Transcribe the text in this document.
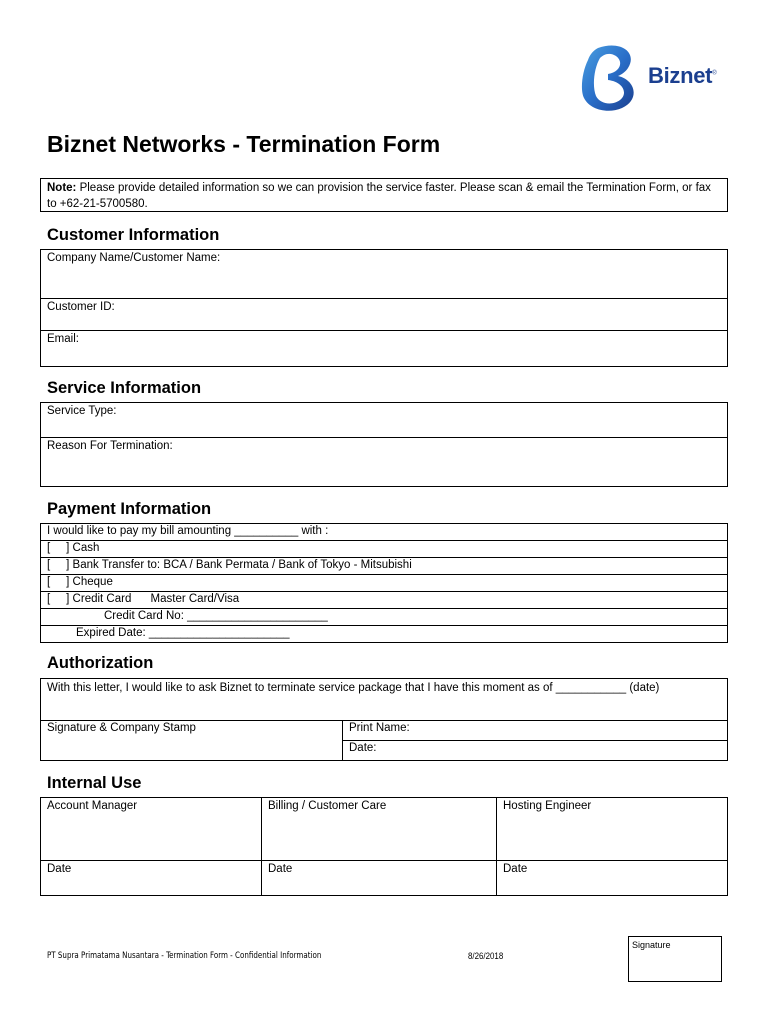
Biznet®
Biznet Networks - Termination Form
Note: Please provide detailed information so we can provision the service faster. Please scan & email the Termination Form, or fax to +62-21-5700580.
Customer Information
Company Name/Customer Name:
Customer ID:
Email:
Service Information
Service Type:
Reason For Termination:
Payment Information
I would like to pay my bill amounting __________ with :
[     ] Cash
[     ] Bank Transfer to: BCA / Bank Permata / Bank of Tokyo - Mitsubishi
[     ] Cheque
[     ] Credit Card      Master Card/Visa
Credit Card No: ______________________
Expired Date: ______________________
Authorization
With this letter, I would like to ask Biznet to terminate service package that I have this moment as of ___________ (date)
Signature & Company Stamp	Print Name:
Date:
Internal Use
Account Manager	Billing / Customer Care	Hosting Engineer
Date	Date	Date
PT Supra Primatama Nusantara - Termination Form - Confidential Information	8/26/2018
Signature
